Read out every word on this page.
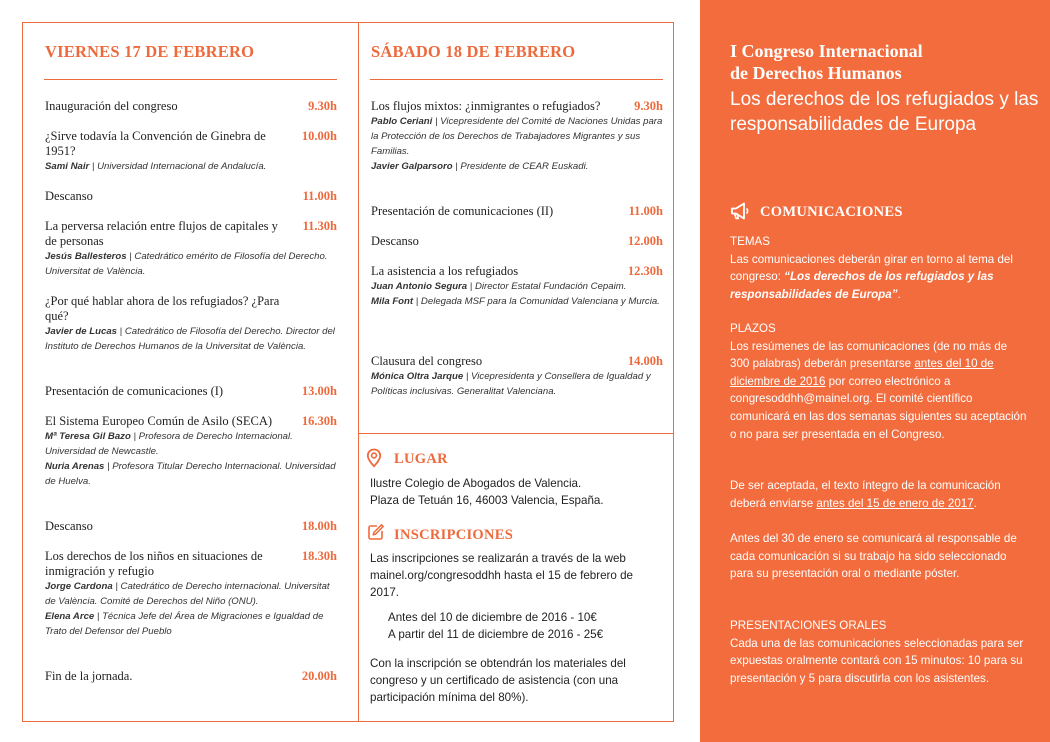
VIERNES 17 DE FEBRERO
Inauguración del congreso	9.30h
¿Sirve todavía la Convención de Ginebra de 1951?
10.00h
Sami Nair | Universidad Internacional de Andalucía.
Descanso	11.00h
La perversa relación entre flujos de capitales y de personas
11.30h
Jesús Ballesteros | Catedrático emérito de Filosofía del Derecho. Universitat de València.
¿Por qué hablar ahora de los refugiados? ¿Para qué?
Javier de Lucas | Catedrático de Filosofía del Derecho. Director del Instituto de Derechos Humanos de la Universitat de València.
Presentación de comunicaciones (I)	13.00h
El Sistema Europeo Común de Asilo (SECA)	16.30h
Mª Teresa Gil Bazo | Profesora de Derecho Internacional. Universidad de Newcastle.
Nuria Arenas | Profesora Titular Derecho Internacional. Universidad de Huelva.
Descanso	18.00h
Los derechos de los niños en situaciones de inmigración y refugio
18.30h
Jorge Cardona | Catedrático de Derecho internacional. Universitat de València. Comité de Derechos del Niño (ONU).
Elena Arce | Técnica Jefe del Área de Migraciones e Igualdad de Trato del Defensor del Pueblo
Fin de la jornada.	20.00h
SÁBADO 18 DE FEBRERO
Los flujos mixtos: ¿inmigrantes o refugiados?	9.30h
Pablo Ceriani | Vicepresidente del Comité de Naciones Unidas para la Protección de los Derechos de Trabajadores Migrantes y sus Familias.
Javier Galparsoro | Presidente de CEAR Euskadi.
Presentación de comunicaciones (II)	11.00h
Descanso	12.00h
La asistencia a los refugiados	12.30h
Juan Antonio Segura | Director Estatal Fundación Cepaim.
Mila Font | Delegada MSF para la Comunidad Valenciana y Murcia.
Clausura del congreso	14.00h
Mónica Oltra Jarque | Vicepresidenta y Consellera de Igualdad y Políticas inclusivas. Generalitat Valenciana.
LUGAR
Ilustre Colegio de Abogados de Valencia.
Plaza de Tetuán 16, 46003 Valencia, España.
INSCRIPCIONES
Las inscripciones se realizarán a través de la web mainel.org/congresoddhh hasta el 15 de febrero de 2017.
Antes del 10 de diciembre de 2016 - 10€
A partir del 11 de diciembre de 2016 - 25€
Con la inscripción se obtendrán los materiales del congreso y un certificado de asistencia (con una participación mínima del 80%).
I Congreso Internacional
de Derechos Humanos
Los derechos de los refugiados y las responsabilidades de Europa
COMUNICACIONES
TEMAS
Las comunicaciones deberán girar en torno al tema del congreso: “Los derechos de los refugiados y las responsabilidades de Europa”.
PLAZOS
Los resúmenes de las comunicaciones (de no más de 300 palabras) deberán presentarse antes del 10 de diciembre de 2016 por correo electrónico a congresoddhh@mainel.org. El comité científico comunicará en las dos semanas siguientes su aceptación o no para ser presentada en el Congreso.
De ser aceptada, el texto íntegro de la comunicación deberá enviarse antes del 15 de enero de 2017.
Antes del 30 de enero se comunicará al responsable de cada comunicación si su trabajo ha sido seleccionado para su presentación oral o mediante póster.
PRESENTACIONES ORALES
Cada una de las comunicaciones seleccionadas para ser expuestas oralmente contará con 15 minutos: 10 para su presentación y 5 para discutirla con los asistentes.
